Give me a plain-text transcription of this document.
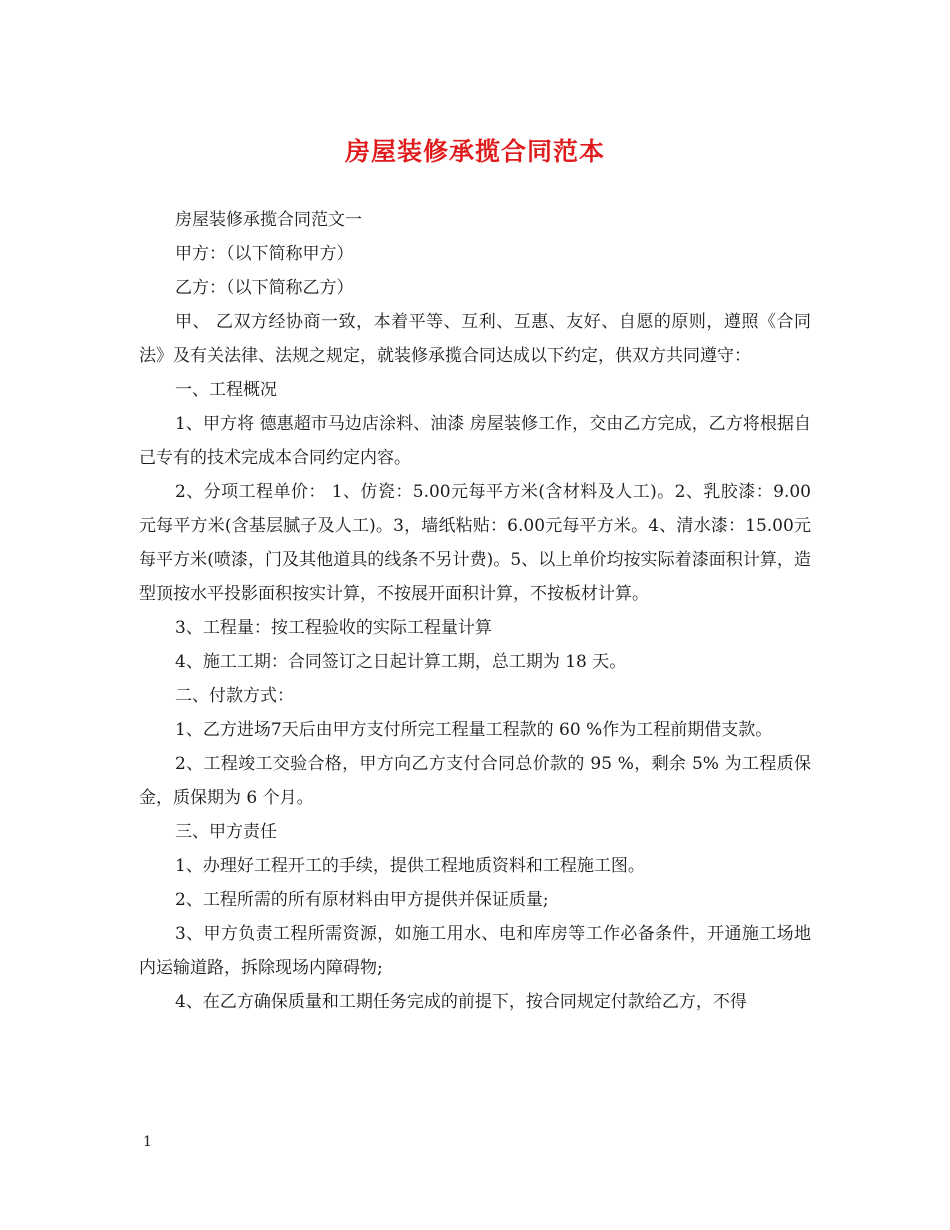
房屋装修承揽合同范本

房屋装修承揽合同范文一

甲方：（以下简称甲方）

乙方：（以下简称乙方）

甲、 乙双方经协商一致，本着平等、互利、互惠、友好、自愿的原则，遵照《合同法》及有关法律、法规之规定，就装修承揽合同达成以下约定，供双方共同遵守：

一、工程概况

1、甲方将 德惠超市马边店涂料、油漆 房屋装修工作，交由乙方完成，乙方将根据自己专有的技术完成本合同约定内容。

2、分项工程单价： 1、仿瓷：5.00元每平方米(含材料及人工)。2、乳胶漆：9.00元每平方米(含基层腻子及人工)。3，墙纸粘贴：6.00元每平方米。4、清水漆：15.00元每平方米(喷漆，门及其他道具的线条不另计费)。5、以上单价均按实际着漆面积计算，造型顶按水平投影面积按实计算，不按展开面积计算，不按板材计算。

3、工程量：按工程验收的实际工程量计算

4、施工工期：合同签订之日起计算工期，总工期为 18 天。

二、付款方式：

1、乙方进场7天后由甲方支付所完工程量工程款的 60 %作为工程前期借支款。

2、工程竣工交验合格，甲方向乙方支付合同总价款的 95 %，剩余 5% 为工程质保金，质保期为 6 个月。

三、甲方责任

1、办理好工程开工的手续，提供工程地质资料和工程施工图。

2、工程所需的所有原材料由甲方提供并保证质量;

3、甲方负责工程所需资源，如施工用水、电和库房等工作必备条件，开通施工场地内运输道路，拆除现场内障碍物;

4、在乙方确保质量和工期任务完成的前提下，按合同规定付款给乙方，不得

1
